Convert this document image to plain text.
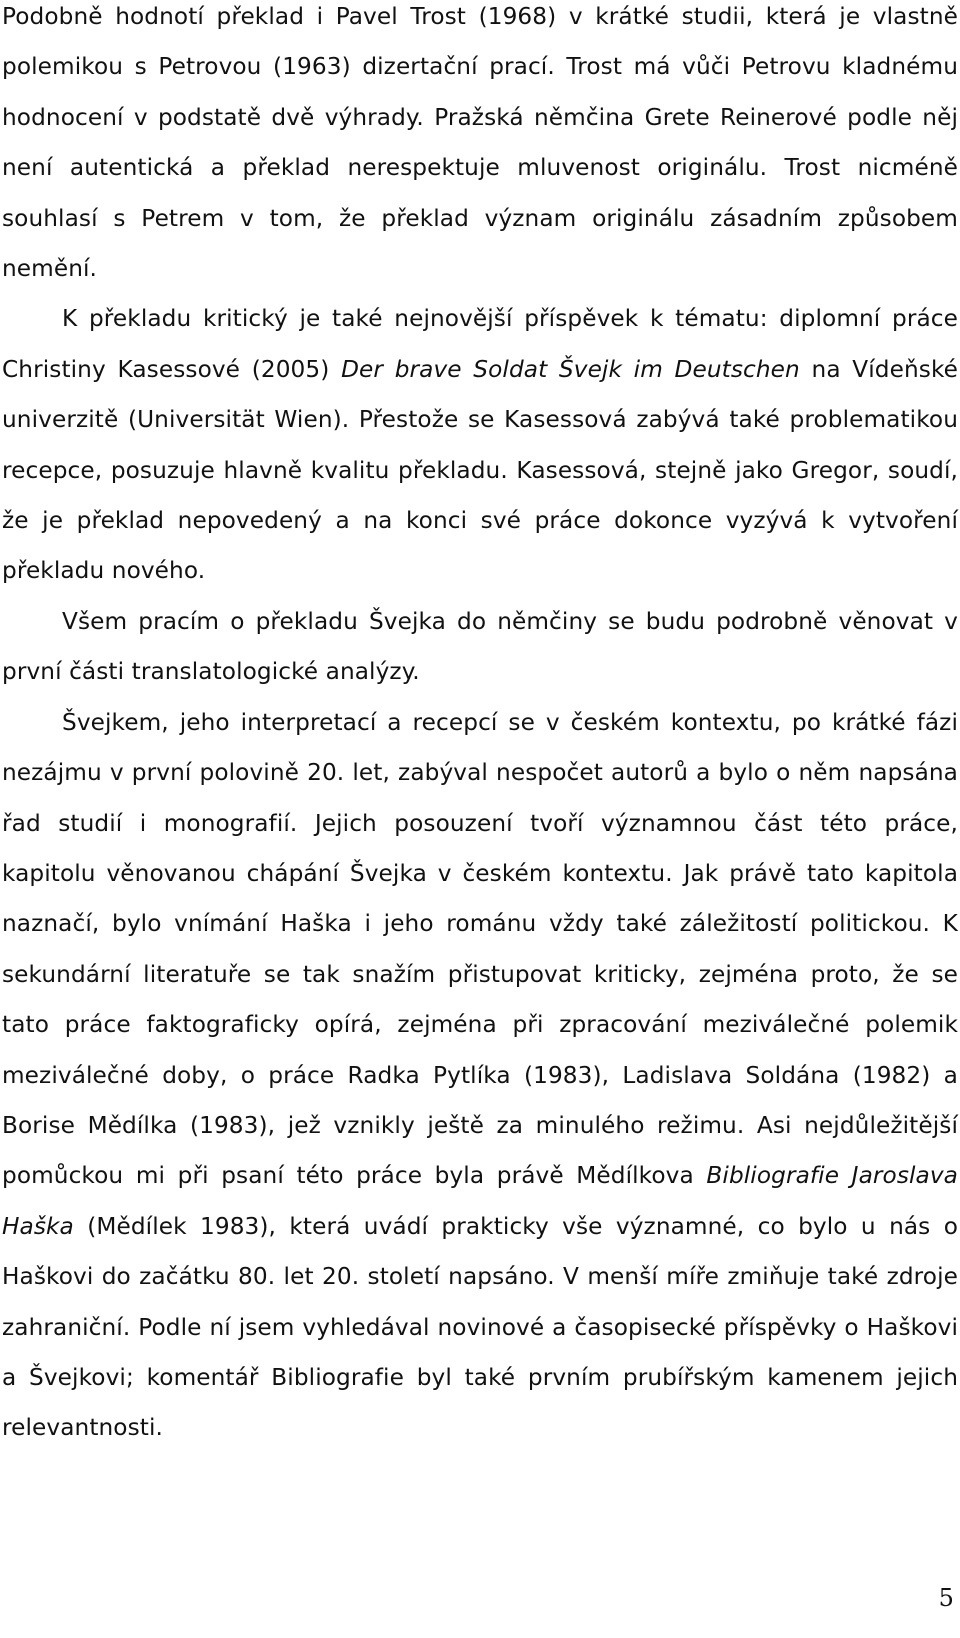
Podobně hodnotí překlad i Pavel Trost (1968) v krátké studii, která je vlastně polemikou s Petrovou (1963) dizertační prací. Trost má vůči Petrovu kladnému hodnocení v podstatě dvě výhrady. Pražská němčina Grete Reinerové podle něj není autentická a překlad nerespektuje mluvenost originálu. Trost nicméně souhlasí s Petrem v tom, že překlad význam originálu zásadním způsobem nemění.

K překladu kritický je také nejnovější příspěvek k tématu: diplomní práce Christiny Kasessové (2005) Der brave Soldat Švejk im Deutschen na Vídeňské univerzitě (Universität Wien). Přestože se Kasessová zabývá také problematikou recepce, posuzuje hlavně kvalitu překladu. Kasessová, stejně jako Gregor, soudí, že je překlad nepovedený a na konci své práce dokonce vyzývá k vytvoření překladu nového.

Všem pracím o překladu Švejka do němčiny se budu podrobně věnovat v první části translatologické analýzy.

Švejkem, jeho interpretací a recepcí se v českém kontextu, po krátké fázi nezájmu v první polovině 20. let, zabýval nespočet autorů a bylo o něm napsána řad studií i monografií. Jejich posouzení tvoří významnou část této práce, kapitolu věnovanou chápání Švejka v českém kontextu. Jak právě tato kapitola naznačí, bylo vnímání Haška i jeho románu vždy také záležitostí politickou. K sekundární literatuře se tak snažím přistupovat kriticky, zejména proto, že se tato práce faktograficky opírá, zejména při zpracování meziválečné polemik meziválečné doby, o práce Radka Pytlíka (1983), Ladislava Soldána (1982) a Borise Mědílka (1983), jež vznikly ještě za minulého režimu. Asi nejdůležitější pomůckou mi při psaní této práce byla právě Mědílkova Bibliografie Jaroslava Haška (Mědílek 1983), která uvádí prakticky vše významné, co bylo u nás o Haškovi do začátku 80. let 20. století napsáno. V menší míře zmiňuje také zdroje zahraniční. Podle ní jsem vyhledával novinové a časopisecké příspěvky o Haškovi a Švejkovi; komentář Bibliografie byl také prvním prubířským kamenem jejich relevantnosti.

5
